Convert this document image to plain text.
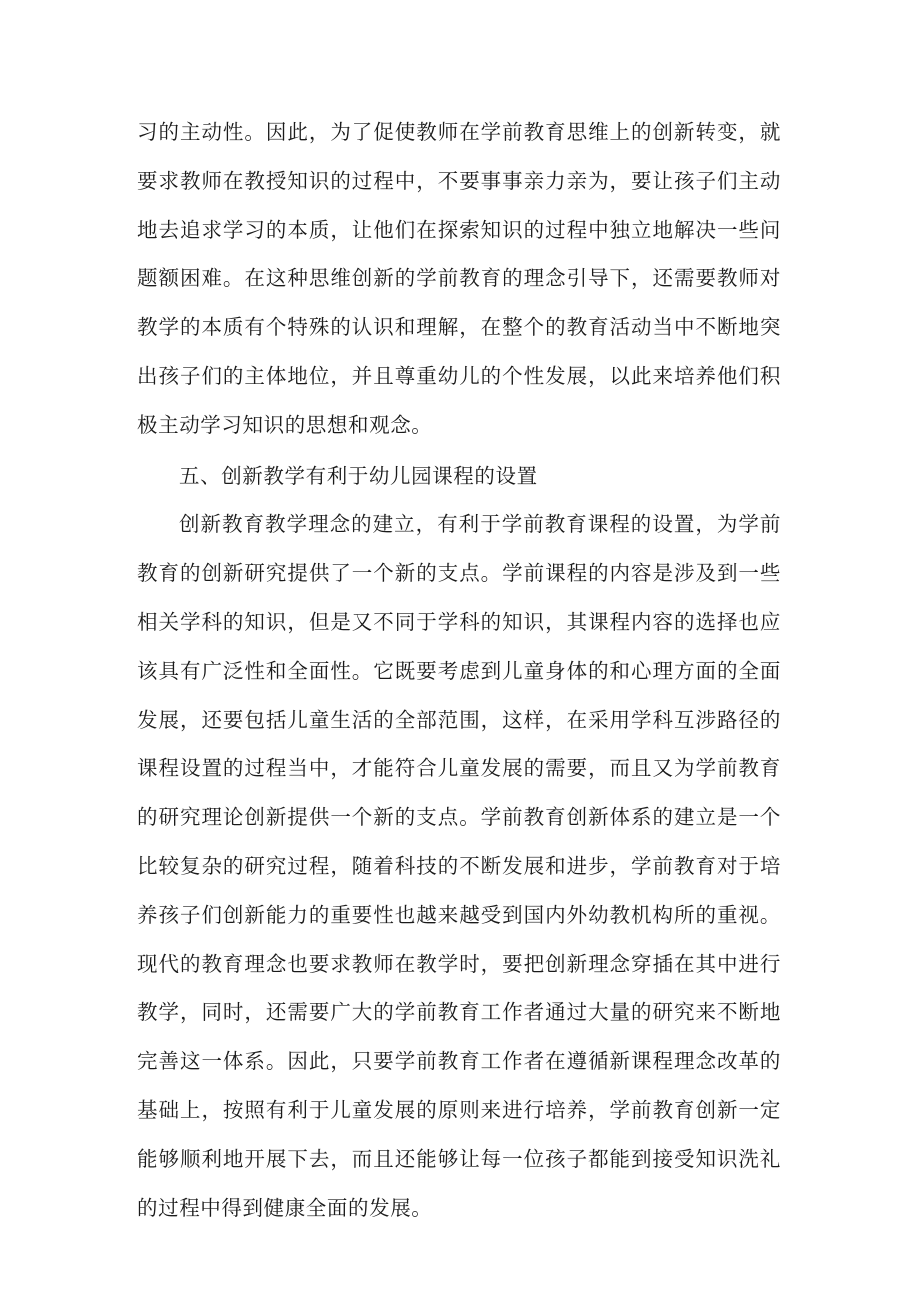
习的主动性。因此，为了促使教师在学前教育思维上的创新转变，就要求教师在教授知识的过程中，不要事事亲力亲为，要让孩子们主动地去追求学习的本质，让他们在探索知识的过程中独立地解决一些问题额困难。在这种思维创新的学前教育的理念引导下，还需要教师对教学的本质有个特殊的认识和理解，在整个的教育活动当中不断地突出孩子们的主体地位，并且尊重幼儿的个性发展，以此来培养他们积极主动学习知识的思想和观念。

五、创新教学有利于幼儿园课程的设置

创新教育教学理念的建立，有利于学前教育课程的设置，为学前教育的创新研究提供了一个新的支点。学前课程的内容是涉及到一些相关学科的知识，但是又不同于学科的知识，其课程内容的选择也应该具有广泛性和全面性。它既要考虑到儿童身体的和心理方面的全面发展，还要包括儿童生活的全部范围，这样，在采用学科互涉路径的课程设置的过程当中，才能符合儿童发展的需要，而且又为学前教育的研究理论创新提供一个新的支点。学前教育创新体系的建立是一个比较复杂的研究过程，随着科技的不断发展和进步，学前教育对于培养孩子们创新能力的重要性也越来越受到国内外幼教机构所的重视。现代的教育理念也要求教师在教学时，要把创新理念穿插在其中进行教学，同时，还需要广大的学前教育工作者通过大量的研究来不断地完善这一体系。因此，只要学前教育工作者在遵循新课程理念改革的基础上，按照有利于儿童发展的原则来进行培养，学前教育创新一定能够顺利地开展下去，而且还能够让每一位孩子都能到接受知识洗礼的过程中得到健康全面的发展。
